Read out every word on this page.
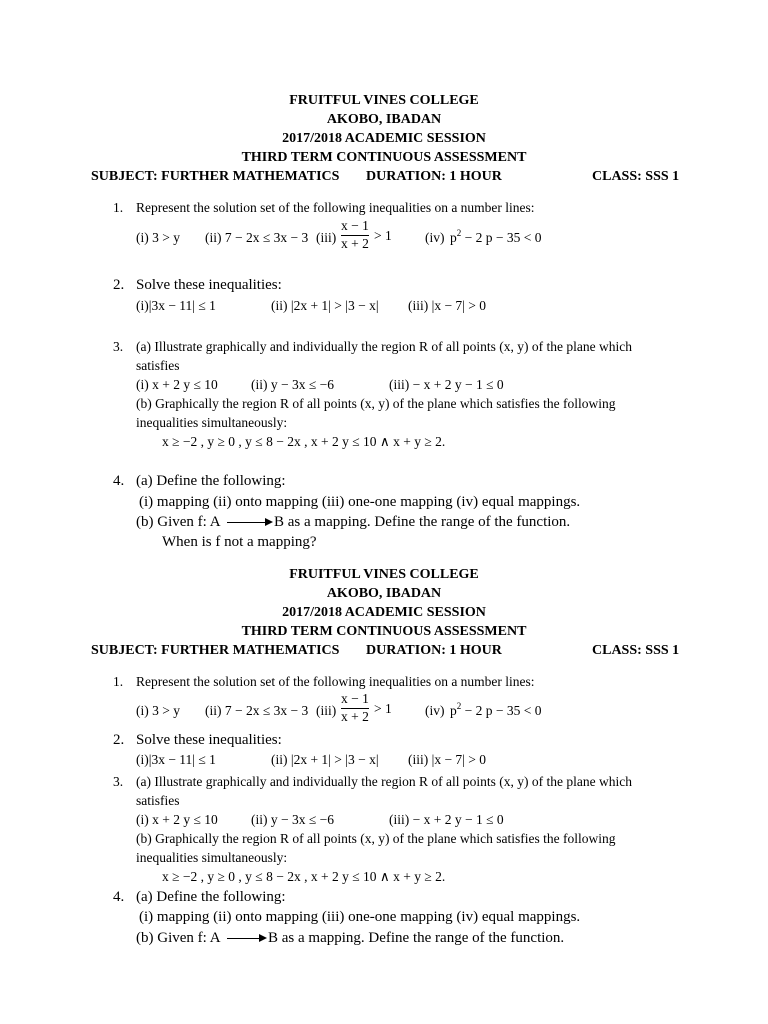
FRUITFUL VINES COLLEGE
AKOBO, IBADAN
2017/2018 ACADEMIC SESSION
THIRD TERM CONTINUOUS ASSESSMENT
SUBJECT: FURTHER MATHEMATICS DURATION: 1 HOUR	CLASS: SSS 1
1. Represent the solution set of the following inequalities on a number lines:
(i) 3 > y (ii) 7 − 2x ≤ 3x − 3 (iii)
x − 1
x + 2 > 1 (iv) $p^2 - 2$ p − 35 < 0
2. Solve these inequalities:
(i)|3x − 11| ≤ 1	(ii) |2x + 1| > |3 − x| (iii) |x − 7| > 0
3. (a) Illustrate graphically and individually the region R of all points (x, y) of the plane which
satisfies
(i) x + 2 y ≤ 10 (ii) y − 3x ≤ −6	(iii) − x + 2 y − 1 ≤ 0
(b) Graphically the region R of all points (x, y) of the plane which satisfies the following
inequalities simultaneously:
x ≥ −2 , y ≥ 0 , y ≤ 8 − 2x , x + 2 y ≤ 10 ∧ x + y ≥ 2.
4. (a) Define the following:
(i) mapping (ii) onto mapping (iii) one-one mapping (iv) equal mappings.
(b) Given f: A	B as a mapping. Define the range of the function.
When is f not a mapping?
FRUITFUL VINES COLLEGE
AKOBO, IBADAN
2017/2018 ACADEMIC SESSION
THIRD TERM CONTINUOUS ASSESSMENT
SUBJECT: FURTHER MATHEMATICS DURATION: 1 HOUR	CLASS: SSS 1
1. Represent the solution set of the following inequalities on a number lines:
(i) 3 > y (ii) 7 − 2x ≤ 3x − 3 (iii)
x − 1
x + 2 > 1 (iv) $p^2 - 2$ p − 35 < 0
2. Solve these inequalities:
(i)|3x − 11| ≤ 1	(ii) |2x + 1| > |3 − x| (iii) |x − 7| > 0
3. (a) Illustrate graphically and individually the region R of all points (x, y) of the plane which
satisfies
(i) x + 2 y ≤ 10 (ii) y − 3x ≤ −6	(iii) − x + 2 y − 1 ≤ 0
(b) Graphically the region R of all points (x, y) of the plane which satisfies the following
inequalities simultaneously:
x ≥ −2 , y ≥ 0 , y ≤ 8 − 2x , x + 2 y ≤ 10 ∧ x + y ≥ 2.
4. (a) Define the following:
(i) mapping (ii) onto mapping (iii) one-one mapping (iv) equal mappings.
(b) Given f: A	B as a mapping. Define the range of the function.
